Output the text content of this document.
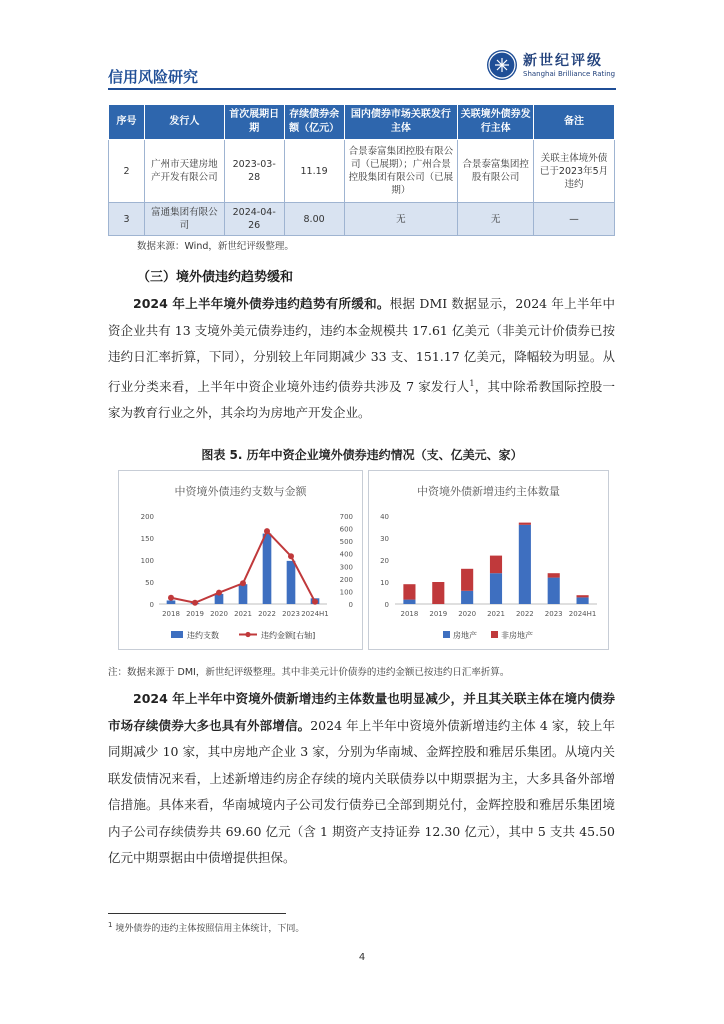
信用风险研究
新世纪评级
Shanghai Brilliance Rating
序号	发行人	首次展期日期	存续债券余额（亿元）	国内债券市场关联发行主体	关联境外债券发行主体	备注
2	广州市天建房地产开发有限公司	2023-03-28	11.19	合景泰富集团控股有限公司（已展期）；广州合景控股集团有限公司（已展期）	合景泰富集团控股有限公司	关联主体境外债已于2023年5月违约
3	富通集团有限公司	2024-04-26	8.00	无	无	—
数据来源：Wind，新世纪评级整理。
（三）境外债违约趋势缓和
2024 年上半年境外债券违约趋势有所缓和。根据 DMI 数据显示，2024 年上半年中资企业共有 13 支境外美元债券违约，违约本金规模共 17.61 亿美元（非美元计价债券已按违约日汇率折算，下同），分别较上年同期减少 33 支、151.17 亿美元，降幅较为明显。从行业分类来看，上半年中资企业境外违约债券共涉及 7 家发行人$^1$，其中除希教国际控股一家为教育行业之外，其余均为房地产开发企业。
图表 5. 历年中资企业境外债券违约情况（支、亿美元、家）
中资境外债违约支数与金额
0
50
100
150
200
0
100
200
300
400
500
600
700
2018 2019 2020 2021 2022 2023 2024H1
违约支数	违约金额[右轴]
中资境外债新增违约主体数量
0
10
20
30
40
2018 2019 2020 2021 2022 2023 2024H1
房地产	非房地产
注：数据来源于 DMI，新世纪评级整理。其中非美元计价债券的违约金额已按违约日汇率折算。
2024 年上半年中资境外债新增违约主体数量也明显减少，并且其关联主体在境内债券市场存续债券大多也具有外部增信。2024 年上半年中资境外债新增违约主体 4 家，较上年同期减少 10 家，其中房地产企业 3 家，分别为华南城、金辉控股和雅居乐集团。从境内关联发债情况来看，上述新增违约房企存续的境内关联债券以中期票据为主，大多具备外部增信措施。具体来看，华南城境内子公司发行债券已全部到期兑付，金辉控股和雅居乐集团境内子公司存续债券共 69.60 亿元（含 1 期资产支持证券 12.30 亿元），其中 5 支共 45.50 亿元中期票据由中债增提供担保。
$^1$ 境外债券的违约主体按照信用主体统计，下同。
4
